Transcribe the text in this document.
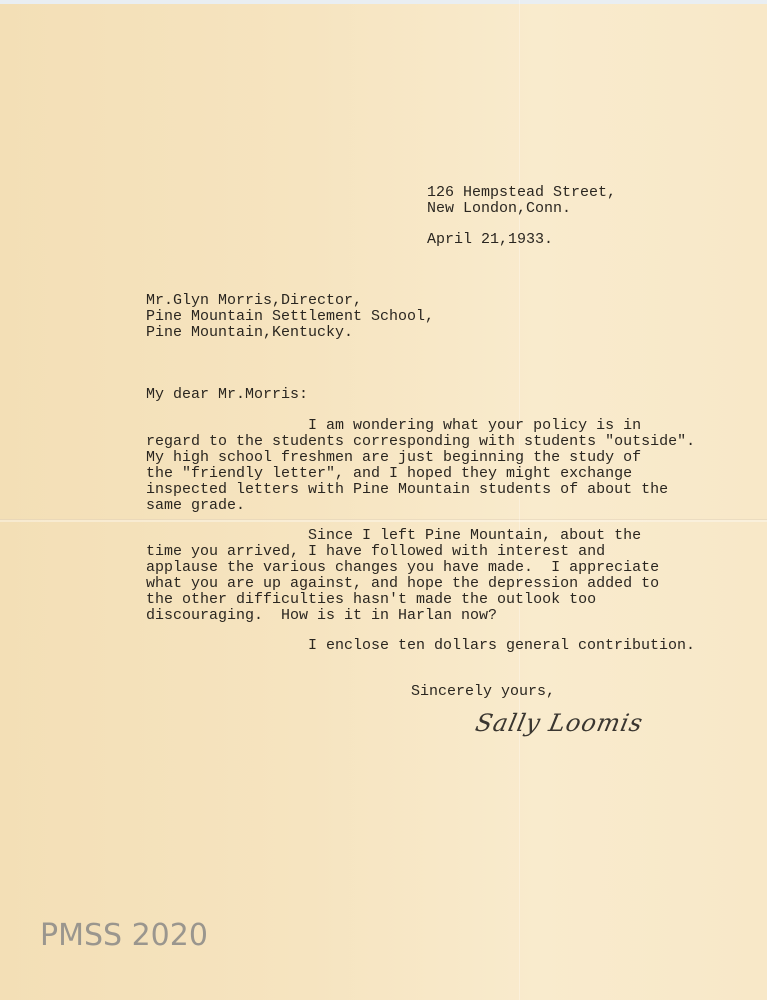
126 Hempstead Street,
New London,Conn.
April 21,1933.
Mr.Glyn Morris,Director,
Pine Mountain Settlement School,
Pine Mountain,Kentucky.
My dear Mr.Morris:
I am wondering what your policy is in
regard to the students corresponding with students "outside".
My high school freshmen are just beginning the study of
the "friendly letter", and I hoped they might exchange
inspected letters with Pine Mountain students of about the
same grade.
Since I left Pine Mountain, about the
time you arrived, I have followed with interest and
applause the various changes you have made.  I appreciate
what you are up against, and hope the depression added to
the other difficulties hasn't made the outlook too
discouraging.  How is it in Harlan now?
I enclose ten dollars general contribution.
Sincerely yours,
Sally Loomis
PMSS 2020
